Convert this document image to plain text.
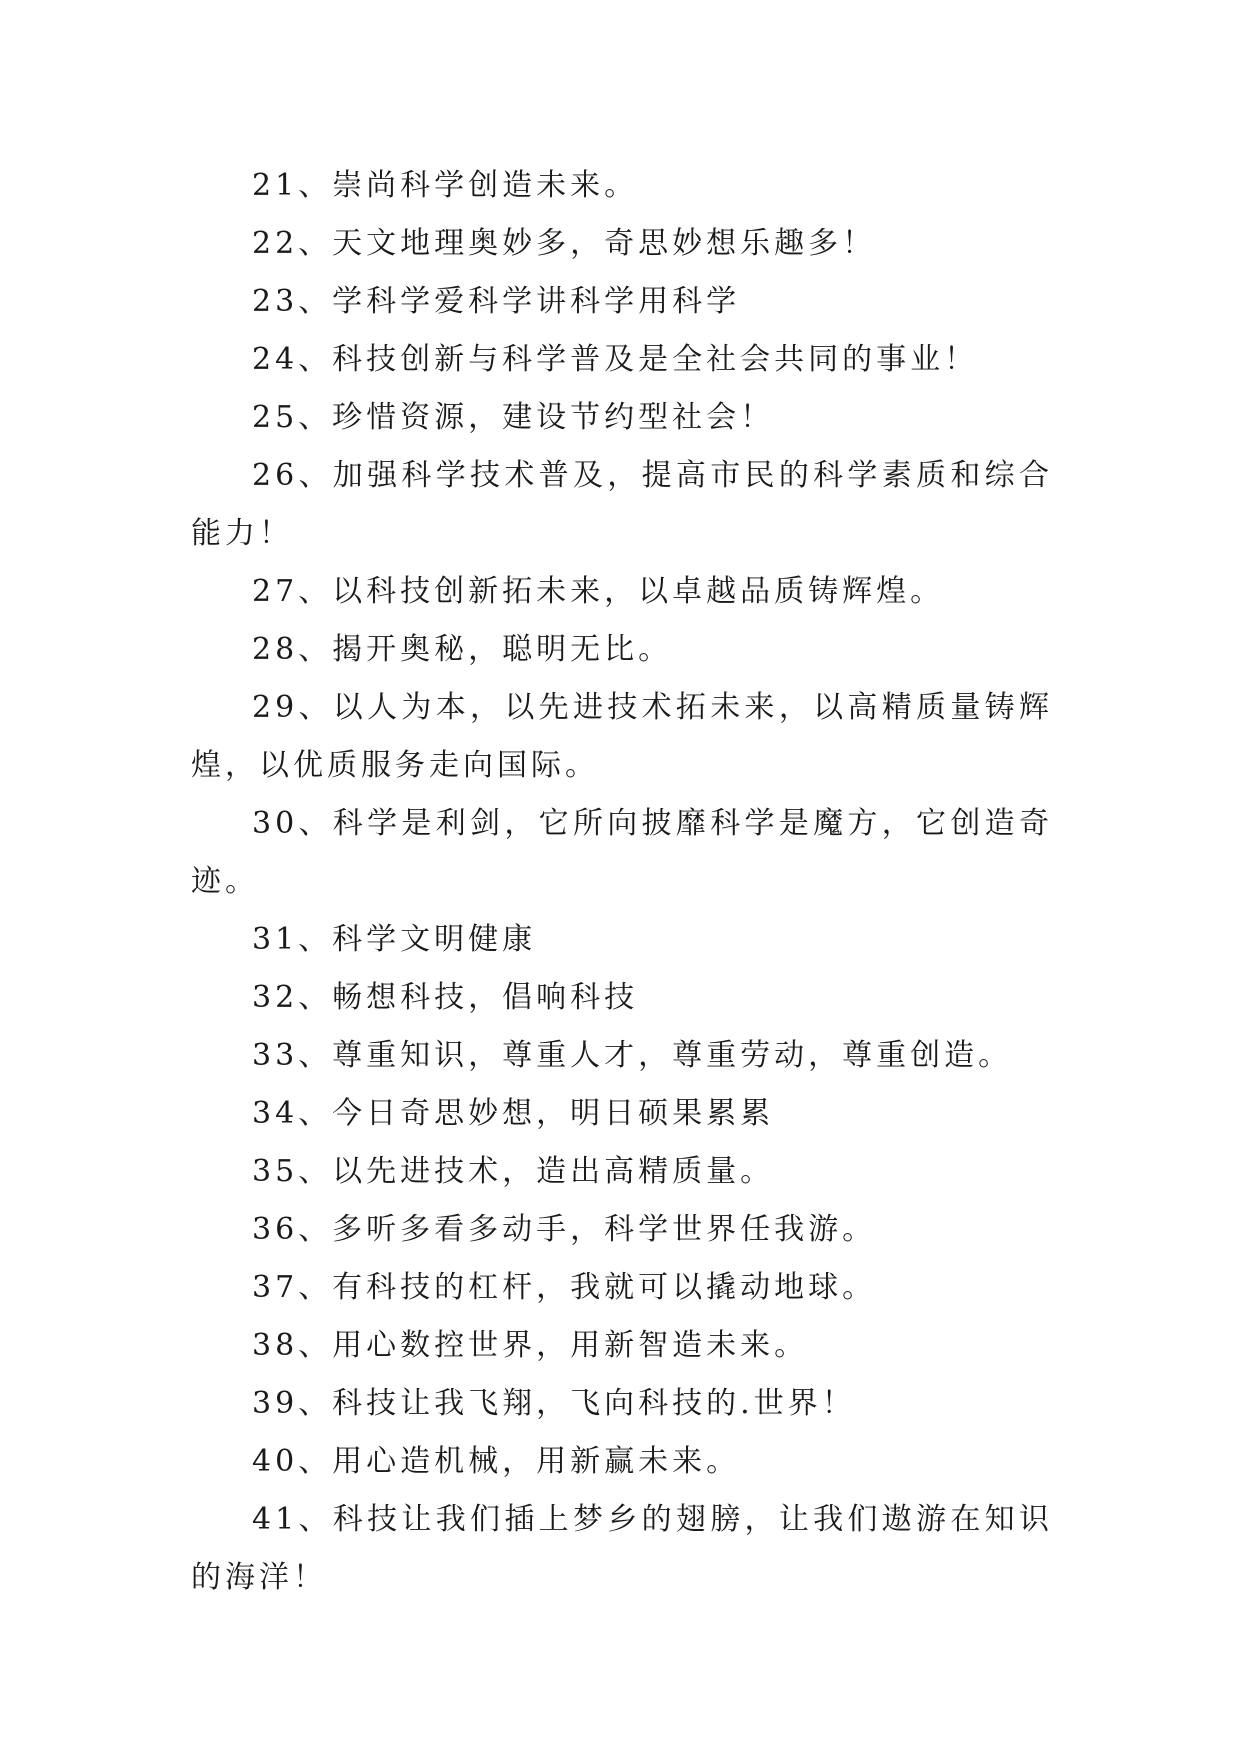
21、崇尚科学创造未来。

22、天文地理奥妙多，奇思妙想乐趣多！

23、学科学爱科学讲科学用科学

24、科技创新与科学普及是全社会共同的事业！

25、珍惜资源，建设节约型社会！

26、加强科学技术普及，提高市民的科学素质和综合能力！

27、以科技创新拓未来，以卓越品质铸辉煌。

28、揭开奥秘，聪明无比。

29、以人为本，以先进技术拓未来，以高精质量铸辉煌，以优质服务走向国际。

30、科学是利剑，它所向披靡科学是魔方，它创造奇迹。

31、科学文明健康

32、畅想科技，倡响科技

33、尊重知识，尊重人才，尊重劳动，尊重创造。

34、今日奇思妙想，明日硕果累累

35、以先进技术，造出高精质量。

36、多听多看多动手，科学世界任我游。

37、有科技的杠杆，我就可以撬动地球。

38、用心数控世界，用新智造未来。

39、科技让我飞翔，飞向科技的.世界！

40、用心造机械，用新赢未来。

41、科技让我们插上梦乡的翅膀，让我们遨游在知识的海洋！
